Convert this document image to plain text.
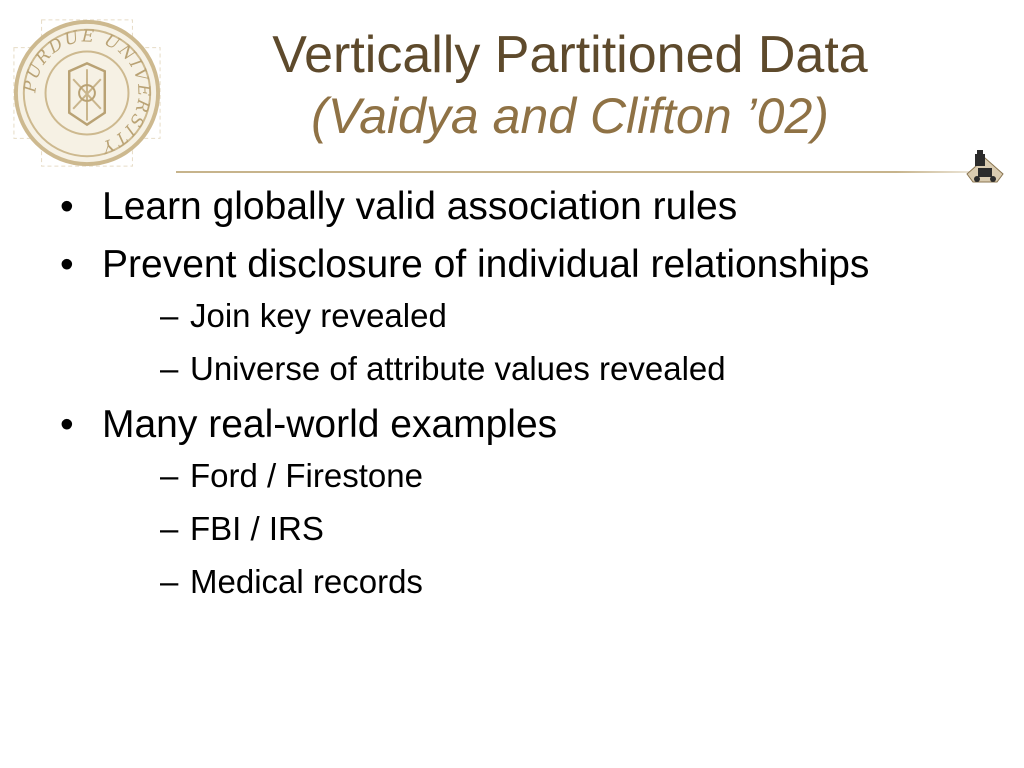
PURDUE UNIVERSITY
Vertically Partitioned Data
(Vaidya and Clifton ’02)
• Learn globally valid association rules
• Prevent disclosure of individual relationships
– Join key revealed
– Universe of attribute values revealed
• Many real-world examples
– Ford / Firestone
– FBI / IRS
– Medical records
